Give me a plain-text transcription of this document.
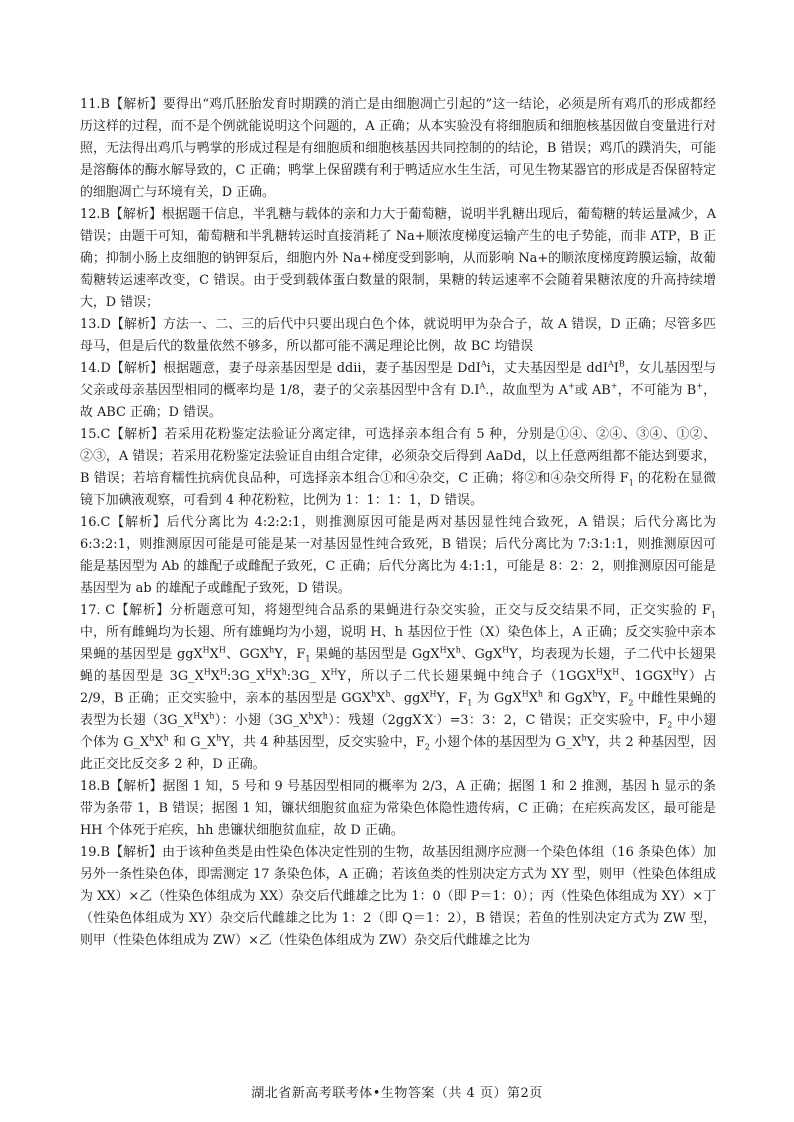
11.B【解析】要得出“鸡爪胚胎发育时期蹼的消亡是由细胞凋亡引起的”这一结论，必须是所有鸡爪的形成都经历这样的过程，而不是个例就能说明这个问题的，A 正确；从本实验没有将细胞质和细胞核基因做自变量进行对照，无法得出鸡爪与鸭掌的形成过程是有细胞质和细胞核基因共同控制的的结论，B 错误；鸡爪的蹼消失，可能是溶酶体的酶水解导致的，C 正确；鸭掌上保留蹼有利于鸭适应水生生活，可见生物某器官的形成是否保留特定的细胞凋亡与环境有关，D 正确。

12.B【解析】根据题干信息，半乳糖与载体的亲和力大于葡萄糖，说明半乳糖出现后，葡萄糖的转运量减少，A 错误；由题干可知，葡萄糖和半乳糖转运时直接消耗了 Na+顺浓度梯度运输产生的电子势能，而非 ATP，B 正确；抑制小肠上皮细胞的钠钾泵后，细胞内外 Na+梯度受到影响，从而影响 Na+的顺浓度梯度跨膜运输，故葡萄糖转运速率改变，C 错误。由于受到载体蛋白数量的限制，果糖的转运速率不会随着果糖浓度的升高持续增大，D 错误；

13.D【解析】方法一、二、三的后代中只要出现白色个体，就说明甲为杂合子，故 A 错误，D 正确；尽管多匹母马，但是后代的数量依然不够多，所以都可能不满足理论比例，故 BC 均错误

14.D【解析】根据题意，妻子母亲基因型是 ddii，妻子基因型是 DdI$^A$i，丈夫基因型是 $ddI^AI^B$，女儿基因型与父亲或母亲基因型相同的概率均是 1/8，妻子的父亲基因型中含有 $D.I^A$.，故血型为 A+或 AB+，不可能为 B+，故 ABC 正确；D 错误。

15.C【解析】若采用花粉鉴定法验证分离定律，可选择亲本组合有 5 种，分别是①④、②④、③④、①②、②③，A 错误；若采用花粉鉴定法验证自由组合定律，必须杂交后得到 AaDd，以上任意两组都不能达到要求，B 错误；若培育糯性抗病优良品种，可选择亲本组合①和④杂交，C 正确；将②和④杂交所得 $F_1$ 的花粉在显微镜下加碘液观察，可看到 4 种花粉粒，比例为 1：1：1：1，D 错误。

16.C【解析】后代分离比为 4:2:2:1，则推测原因可能是两对基因显性纯合致死，A 错误；后代分离比为 6:3:2:1，则推测原因可能是可能是某一对基因显性纯合致死，B 错误；后代分离比为 7:3:1:1，则推测原因可能是基因型为 Ab 的雄配子或雌配子致死，C 正确；后代分离比为 4:1:1，可能是 8：2：2，则推测原因可能是基因型为 ab 的雄配子或雌配子致死，D 错误。

17. C【解析】分析题意可知，将翅型纯合品系的果蝇进行杂交实验，正交与反交结果不同，正交实验的 $F_1$ 中，所有雌蝇均为长翅、所有雄蝇均为小翅，说明 H、h 基因位于性（X）染色体上，A 正确；反交实验中亲本果蝇的基因型是 $ggX^HX^H$、GGX$^h$Y，$F_1$ 果蝇的基因型是 $GgX^HX^h$、GgX$^H$Y，均表现为长翅，子二代中长翅果蝇的基因型是 $3G\_X^HX^H:3G\_X^HX^h:3G\_$ $X^HY$，所以子二代长翅果蝇中纯合子（$1GGX^HX^H$、$1GGX^HY$）占 2/9，B 正确；正交实验中，亲本的基因型是 $GGX^hX^h$、ggX$^H$Y，$F_1$ 为 $GgX^HX^h$ 和 GgX$^h$Y，$F_2$ 中雌性果蝇的表型为长翅$(3G\_X^HX^h)$：小翅$(3G\_X^hX^h)$：残翅（2ggX-X-）=3：3：2，C 错误；正交实验中，$F_2$ 中小翅个体为 $G\_X^hX^h$ 和 $G\_X^hY$，共 4 种基因型，反交实验中，$F_2$ 小翅个体的基因型为 $G\_X^hY$，共 2 种基因型，因此正交比反交多 2 种，D 正确。

18.B【解析】据图 1 知，5 号和 9 号基因型相同的概率为 2/3，A 正确；据图 1 和 2 推测，基因 h 显示的条带为条带 1，B 错误；据图 1 知，镰状细胞贫血症为常染色体隐性遗传病，C 正确；在疟疾高发区，最可能是 HH 个体死于疟疾，hh 患镰状细胞贫血症，故 D 正确。

19.B【解析】由于该种鱼类是由性染色体决定性别的生物，故基因组测序应测一个染色体组（16 条染色体）加另外一条性染色体，即需测定 17 条染色体，A 正确；若该鱼类的性别决定方式为 XY 型，则甲（性染色体组成为 XX）×乙（性染色体组成为 XX）杂交后代雌雄之比为 1：0（即 P＝1：0）；丙（性染色体组成为 XY）×丁（性染色体组成为 XY）杂交后代雌雄之比为 1：2（即 Q＝1：2），B 错误；若鱼的性别决定方式为 ZW 型，则甲（性染色体组成为 ZW）×乙（性染色体组成为 ZW）杂交后代雌雄之比为

湖北省新高考联考体•生物答案（共 4 页）第2页
